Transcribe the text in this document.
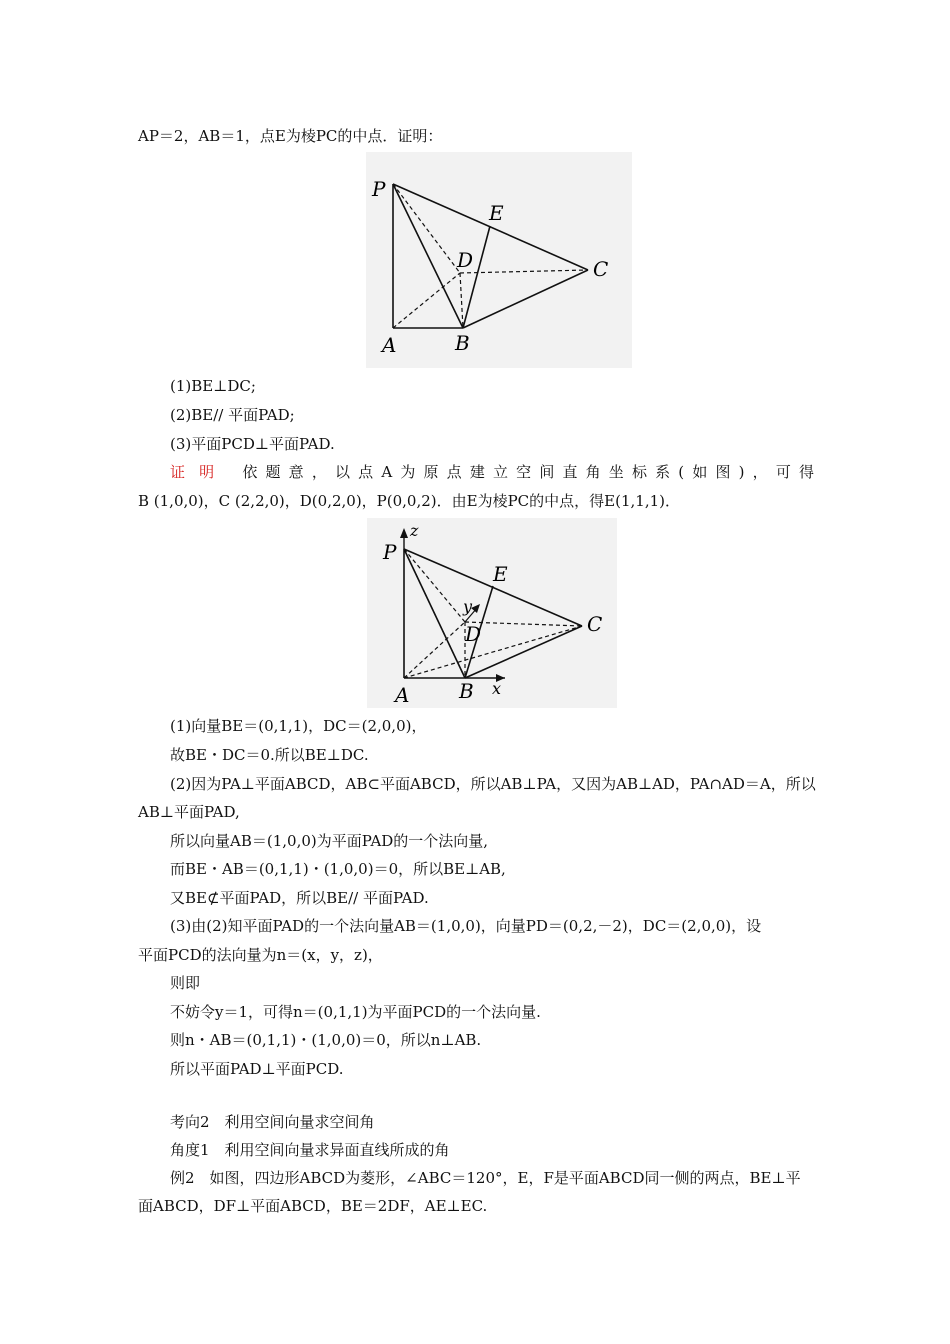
AP＝2，AB＝1，点E为棱PC的中点．证明：
P
E
D	C
A	B
(1)BE⊥DC;
(2)BE// 平面PAD;
(3)平面PCD⊥平面PAD.
证明 依题意，以点A为原点建立空间直角坐标系(如图)，可得
B (1,0,0)，C (2,2,0)，D(0,2,0)，P(0,0,2)．由E为棱PC的中点，得E(1,1,1)．
z
P
E
y
D	C
A B x
(1)向量BE＝(0,1,1)，DC＝(2,0,0)，
故BE・DC＝0.所以BE⊥DC.
(2)因为PA⊥平面ABCD，AB⊂平面ABCD，所以AB⊥PA，又因为AB⊥AD，PA∩AD＝A，所以
AB⊥平面PAD,
所以向量AB＝(1,0,0)为平面PAD的一个法向量,
而BE・AB＝(0,1,1)・(1,0,0)＝0，所以BE⊥AB,
又BE⊄平面PAD，所以BE// 平面PAD.
(3)由(2)知平面PAD的一个法向量AB＝(1,0,0)，向量PD＝(0,2,－2)，DC＝(2,0,0)，设
平面PCD的法向量为n＝(x，y，z)，
则即
不妨令y＝1，可得n＝(0,1,1)为平面PCD的一个法向量.
则n・AB＝(0,1,1)・(1,0,0)＝0，所以n⊥AB.
所以平面PAD⊥平面PCD.
考向2　利用空间向量求空间角
角度1　利用空间向量求异面直线所成的角
例2　如图，四边形ABCD为菱形，∠ABC＝120°，E，F是平面ABCD同一侧的两点，BE⊥平
面ABCD，DF⊥平面ABCD，BE＝2DF，AE⊥EC.
